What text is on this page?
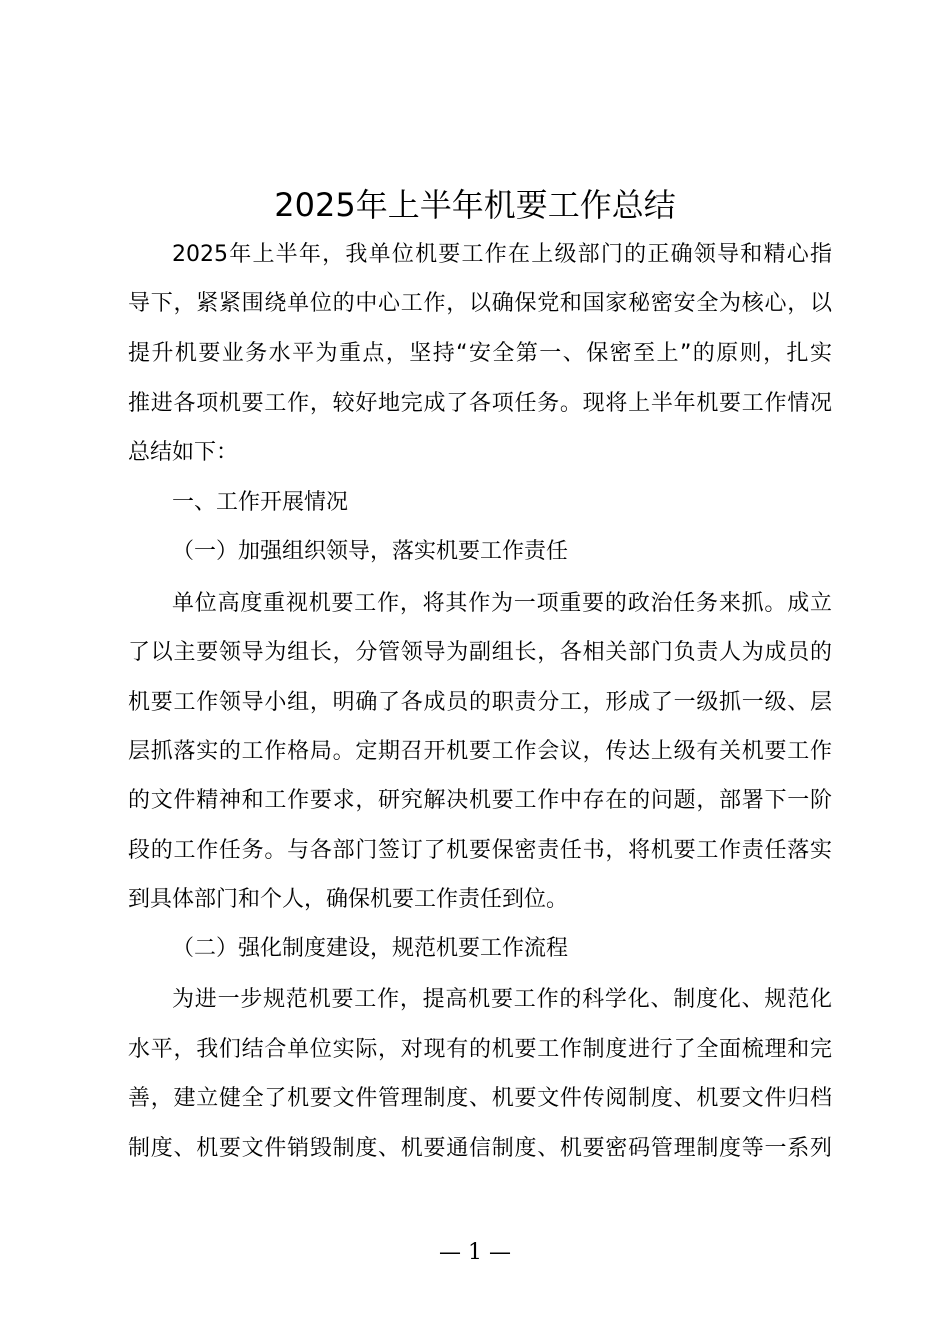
2025年上半年机要工作总结
2025年上半年，我单位机要工作在上级部门的正确领导和精心指
导下，紧紧围绕单位的中心工作，以确保党和国家秘密安全为核心，以
提升机要业务水平为重点，坚持“安全第一、保密至上”的原则，扎实
推进各项机要工作，较好地完成了各项任务。现将上半年机要工作情况
总结如下：
一、工作开展情况
（一）加强组织领导，落实机要工作责任
单位高度重视机要工作，将其作为一项重要的政治任务来抓。成立
了以主要领导为组长，分管领导为副组长，各相关部门负责人为成员的
机要工作领导小组，明确了各成员的职责分工，形成了一级抓一级、层
层抓落实的工作格局。定期召开机要工作会议，传达上级有关机要工作
的文件精神和工作要求，研究解决机要工作中存在的问题，部署下一阶
段的工作任务。与各部门签订了机要保密责任书，将机要工作责任落实
到具体部门和个人，确保机要工作责任到位。
（二）强化制度建设，规范机要工作流程
为进一步规范机要工作，提高机要工作的科学化、制度化、规范化
水平，我们结合单位实际，对现有的机要工作制度进行了全面梳理和完
善，建立健全了机要文件管理制度、机要文件传阅制度、机要文件归档
制度、机要文件销毁制度、机要通信制度、机要密码管理制度等一系列
— 1 —
